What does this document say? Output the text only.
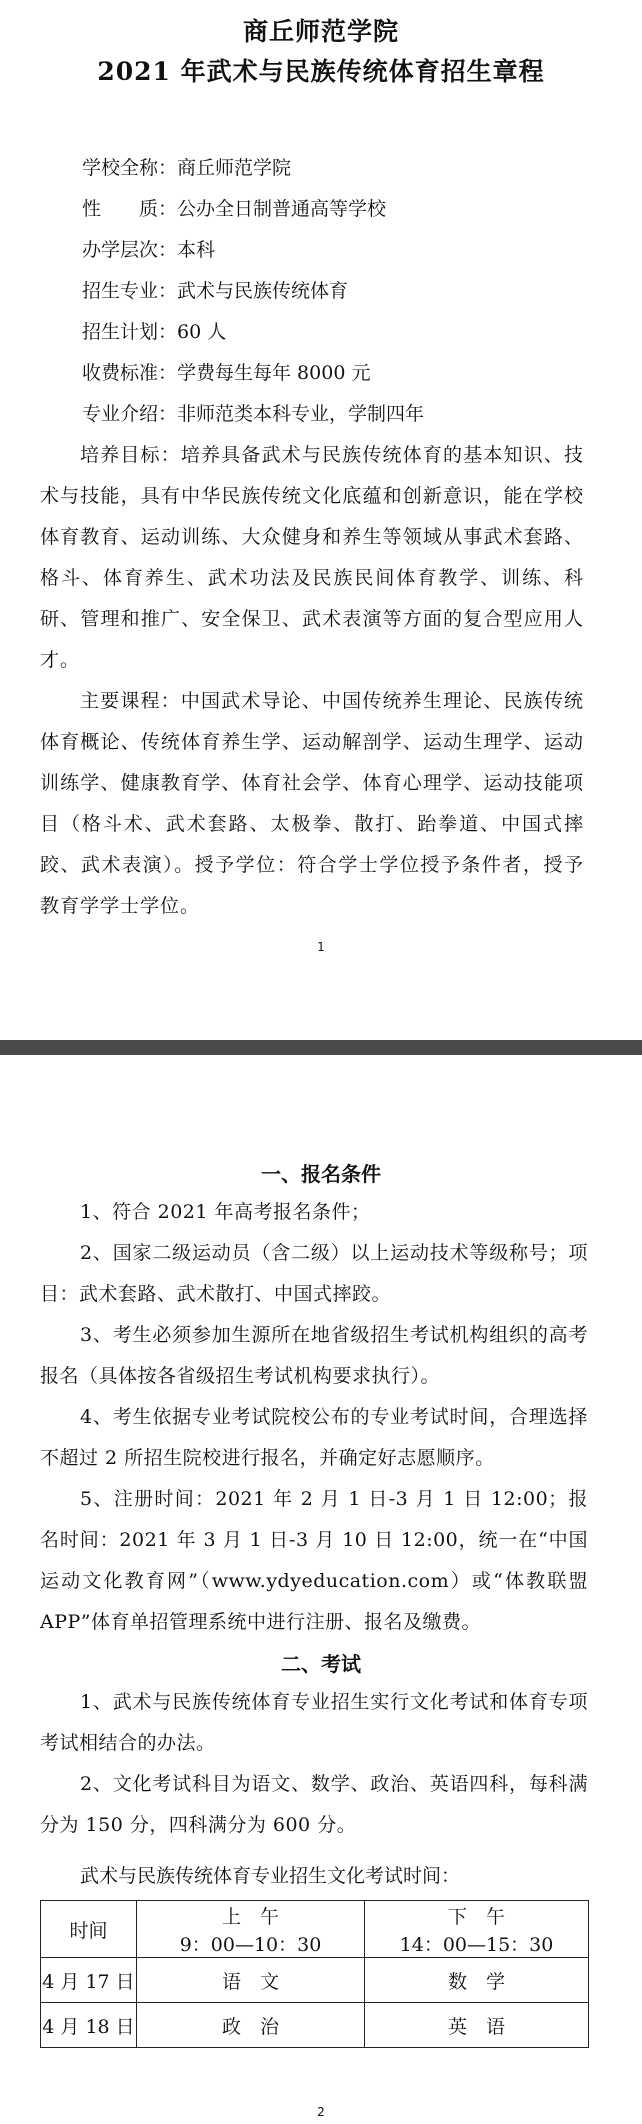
商丘师范学院
2021 年武术与民族传统体育招生章程
学校全称：商丘师范学院
性　　质：公办全日制普通高等学校
办学层次：本科
招生专业：武术与民族传统体育
招生计划：60 人
收费标准：学费每生每年 8000 元
专业介绍：非师范类本科专业，学制四年
培养目标：培养具备武术与民族传统体育的基本知识、技术与技能，具有中华民族传统文化底蕴和创新意识，能在学校体育教育、运动训练、大众健身和养生等领域从事武术套路、格斗、体育养生、武术功法及民族民间体育教学、训练、科研、管理和推广、安全保卫、武术表演等方面的复合型应用人才。
主要课程：中国武术导论、中国传统养生理论、民族传统体育概论、传统体育养生学、运动解剖学、运动生理学、运动训练学、健康教育学、体育社会学、体育心理学、运动技能项目（格斗术、武术套路、太极拳、散打、跆拳道、中国式摔跤、武术表演）。授予学位：符合学士学位授予条件者，授予教育学学士学位。
1
一、报名条件
1、符合 2021 年高考报名条件；
2、国家二级运动员（含二级）以上运动技术等级称号；项目：武术套路、武术散打、中国式摔跤。
3、考生必须参加生源所在地省级招生考试机构组织的高考报名（具体按各省级招生考试机构要求执行）。
4、考生依据专业考试院校公布的专业考试时间，合理选择不超过 2 所招生院校进行报名，并确定好志愿顺序。
5、注册时间：2021 年 2 月 1 日-3 月 1 日 12:00；报名时间：2021 年 3 月 1 日-3 月 10 日 12:00，统一在“中国运动文化教育网”（www.ydyeducation.com）或“体教联盟 APP”体育单招管理系统中进行注册、报名及缴费。
二、考试
1、武术与民族传统体育专业招生实行文化考试和体育专项考试相结合的办法。
2、文化考试科目为语文、数学、政治、英语四科，每科满分为 150 分，四科满分为 600 分。
武术与民族传统体育专业招生文化考试时间：
时间	上　午	下　午
	9：00—10：30	14：00—15：30
4 月 17 日	语　文	数　学
4 月 18 日	政　治	英　语
2
